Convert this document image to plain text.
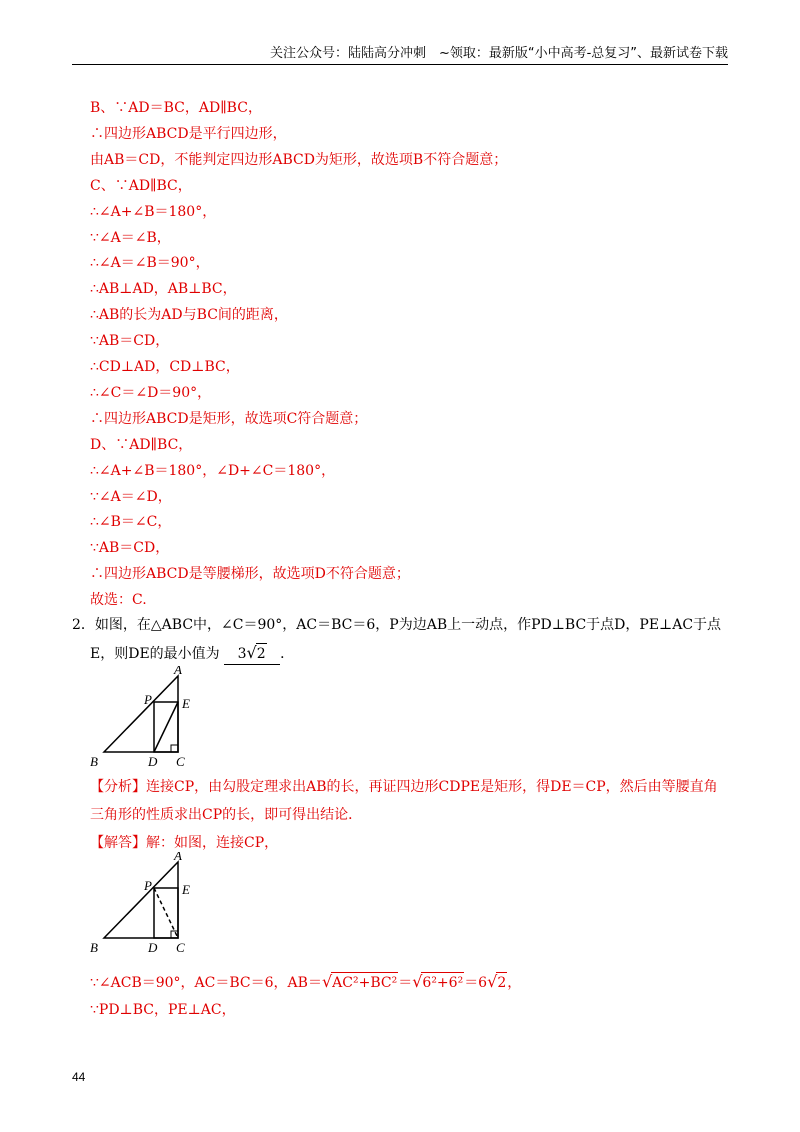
关注公众号：陆陆高分冲刺　~领取：最新版“小中高考-总复习”、最新试卷下载
B、∵AD＝BC，AD∥BC，
∴四边形ABCD是平行四边形，
由AB＝CD，不能判定四边形ABCD为矩形，故选项B不符合题意；
C、∵AD∥BC，
∴∠A+∠B＝180°，
∵∠A＝∠B，
∴∠A＝∠B＝90°，
∴AB⊥AD，AB⊥BC，
∴AB的长为AD与BC间的距离，
∵AB＝CD，
∴CD⊥AD，CD⊥BC，
∴∠C＝∠D＝90°，
∴四边形ABCD是矩形，故选项C符合题意；
D、∵AD∥BC，
∴∠A+∠B＝180°，∠D+∠C＝180°，
∵∠A＝∠D，
∴∠B＝∠C，
∵AB＝CD，
∴四边形ABCD是等腰梯形，故选项D不符合题意；
故选：C.
2．如图，在△ABC中，∠C＝90°，AC＝BC＝6，P为边AB上一动点，作PD⊥BC于点D，PE⊥AC于点
E，则DE的最小值为 3√2 ．
A
P E
B	D C
【分析】连接CP，由勾股定理求出AB的长，再证四边形CDPE是矩形，得DE＝CP，然后由等腰直角
三角形的性质求出CP的长，即可得出结论．
【解答】解：如图，连接CP，
A
P E
B	D C
∵∠ACB＝90°，AC＝BC＝6，AB＝√AC²+BC²＝√6²+6²＝6√2，
∵PD⊥BC，PE⊥AC，
44
